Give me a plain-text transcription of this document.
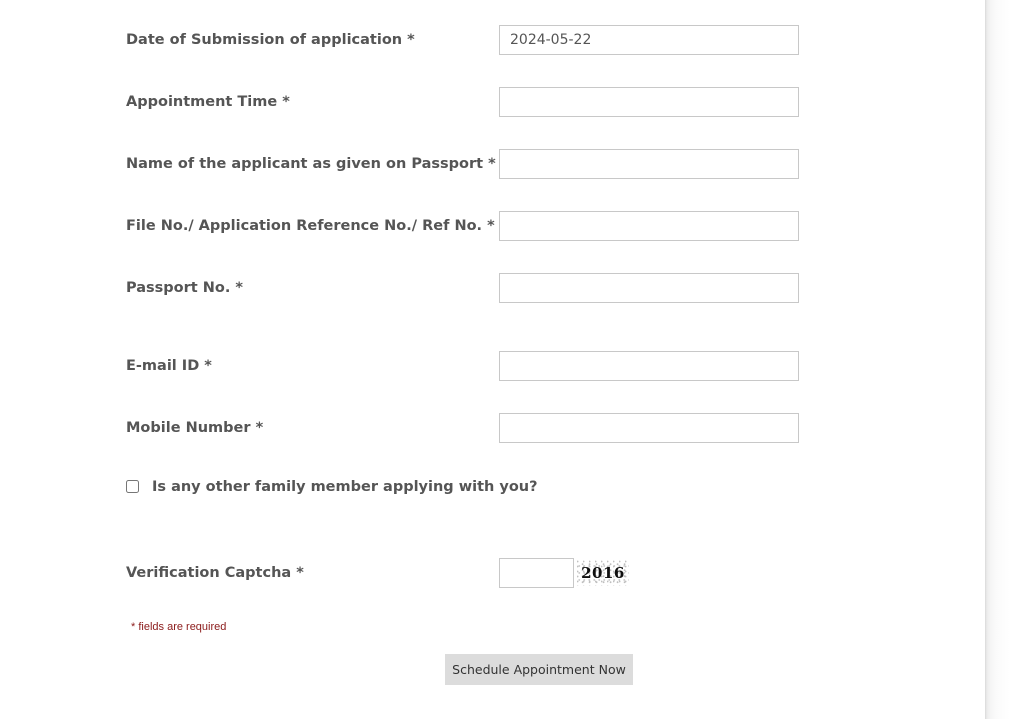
Date of Submission of application *
2024-05-22
Appointment Time *
Name of the applicant as given on Passport *
File No./ Application Reference No./ Ref No. *
Passport No. *
E-mail ID *
Mobile Number *
Is any other family member applying with you?
Verification Captcha *	2016
* fields are required
Schedule Appointment Now
